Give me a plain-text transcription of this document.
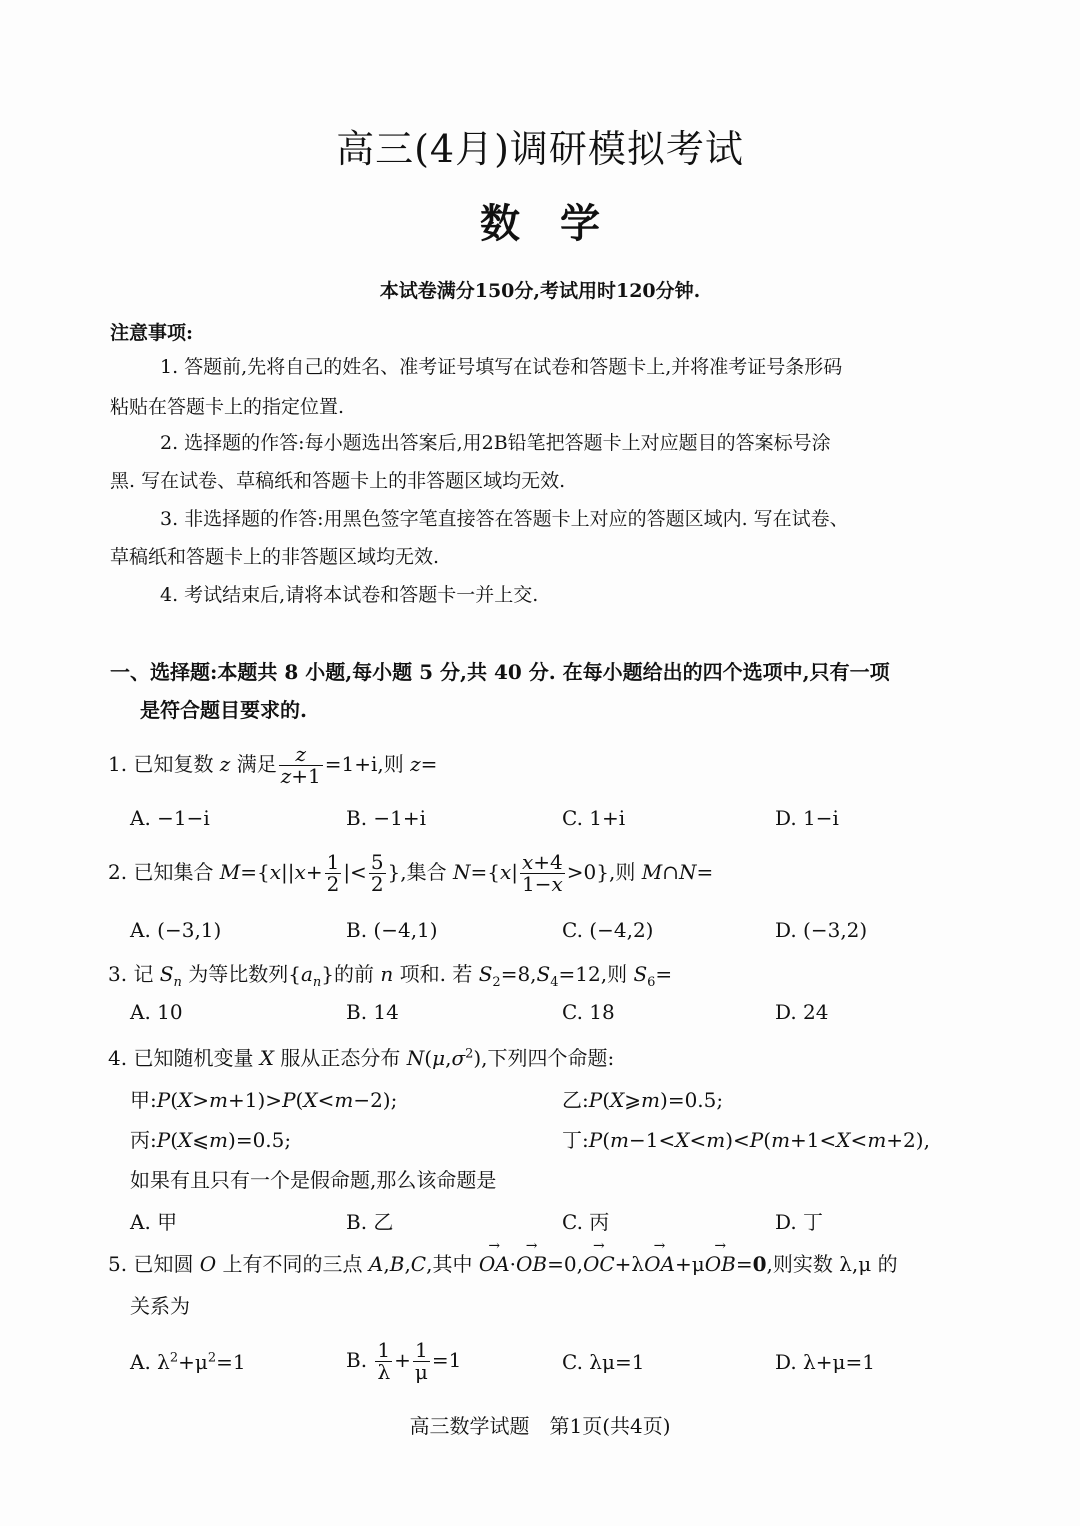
高三(4月)调研模拟考试
数学
本试卷满分150分,考试用时120分钟.
注意事项:
1. 答题前,先将自己的姓名、准考证号填写在试卷和答题卡上,并将准考证号条形码
粘贴在答题卡上的指定位置.
2. 选择题的作答:每小题选出答案后,用2B铅笔把答题卡上对应题目的答案标号涂
黑. 写在试卷、草稿纸和答题卡上的非答题区域均无效.
3. 非选择题的作答:用黑色签字笔直接答在答题卡上对应的答题区域内. 写在试卷、
草稿纸和答题卡上的非答题区域均无效.
4. 考试结束后,请将本试卷和答题卡一并上交.
一、选择题:本题共 8 小题,每小题 5 分,共 40 分. 在每小题给出的四个选项中,只有一项
是符合题目要求的.
1. 已知复数 z 满足 $\frac{z}{z+1} =1+i$,则 z=
A. −1−i	B. −1+i	C. 1+i	D. 1−i
2. 已知集合 $M=\{x||x+ \frac{1}{2}$ |< $\frac{5}{2}$ },集合 $N=\{x| \frac{x+4}{1-x} >0\}$,则 M∩N=
A. (−3,1)	B. (−4,1)	C. (−4,2)	D. (−3,2)
3. 记 $S_n$ 为等比数列$\{a_n\}$的前 n 项和. 若 $S_2=8,S_4=12$,则 $S_6=$
A. 10	B. 14	C. 18	D. 24
4. 已知随机变量 X 服从正态分布 $N(\mu,\sigma^2)$,下列四个命题:
甲:P(X>m+1)>P(X<m−2);	乙:P(X⩾m)=0.5;
丙:P(X⩽m)=0.5;	丁:P(m−1<X<m)<P(m+1<X<m+2),
如果有且只有一个是假命题,那么该命题是
A. 甲	B. 乙	C. 丙	D. 丁
5. 已知圆 O 上有不同的三点 A,B,C,其中 → OA·→ OB=0,→ OC+λ→ OA+μ→ OB=0,则实数 λ,μ 的
关系为
A. $\lambda^2+\mu^2=1$	B. $\frac{1}{\lambda} + \frac{1}{\mu} =1$	C. λμ=1	D. λ+μ=1
高三数学试题　第1页(共4页)
